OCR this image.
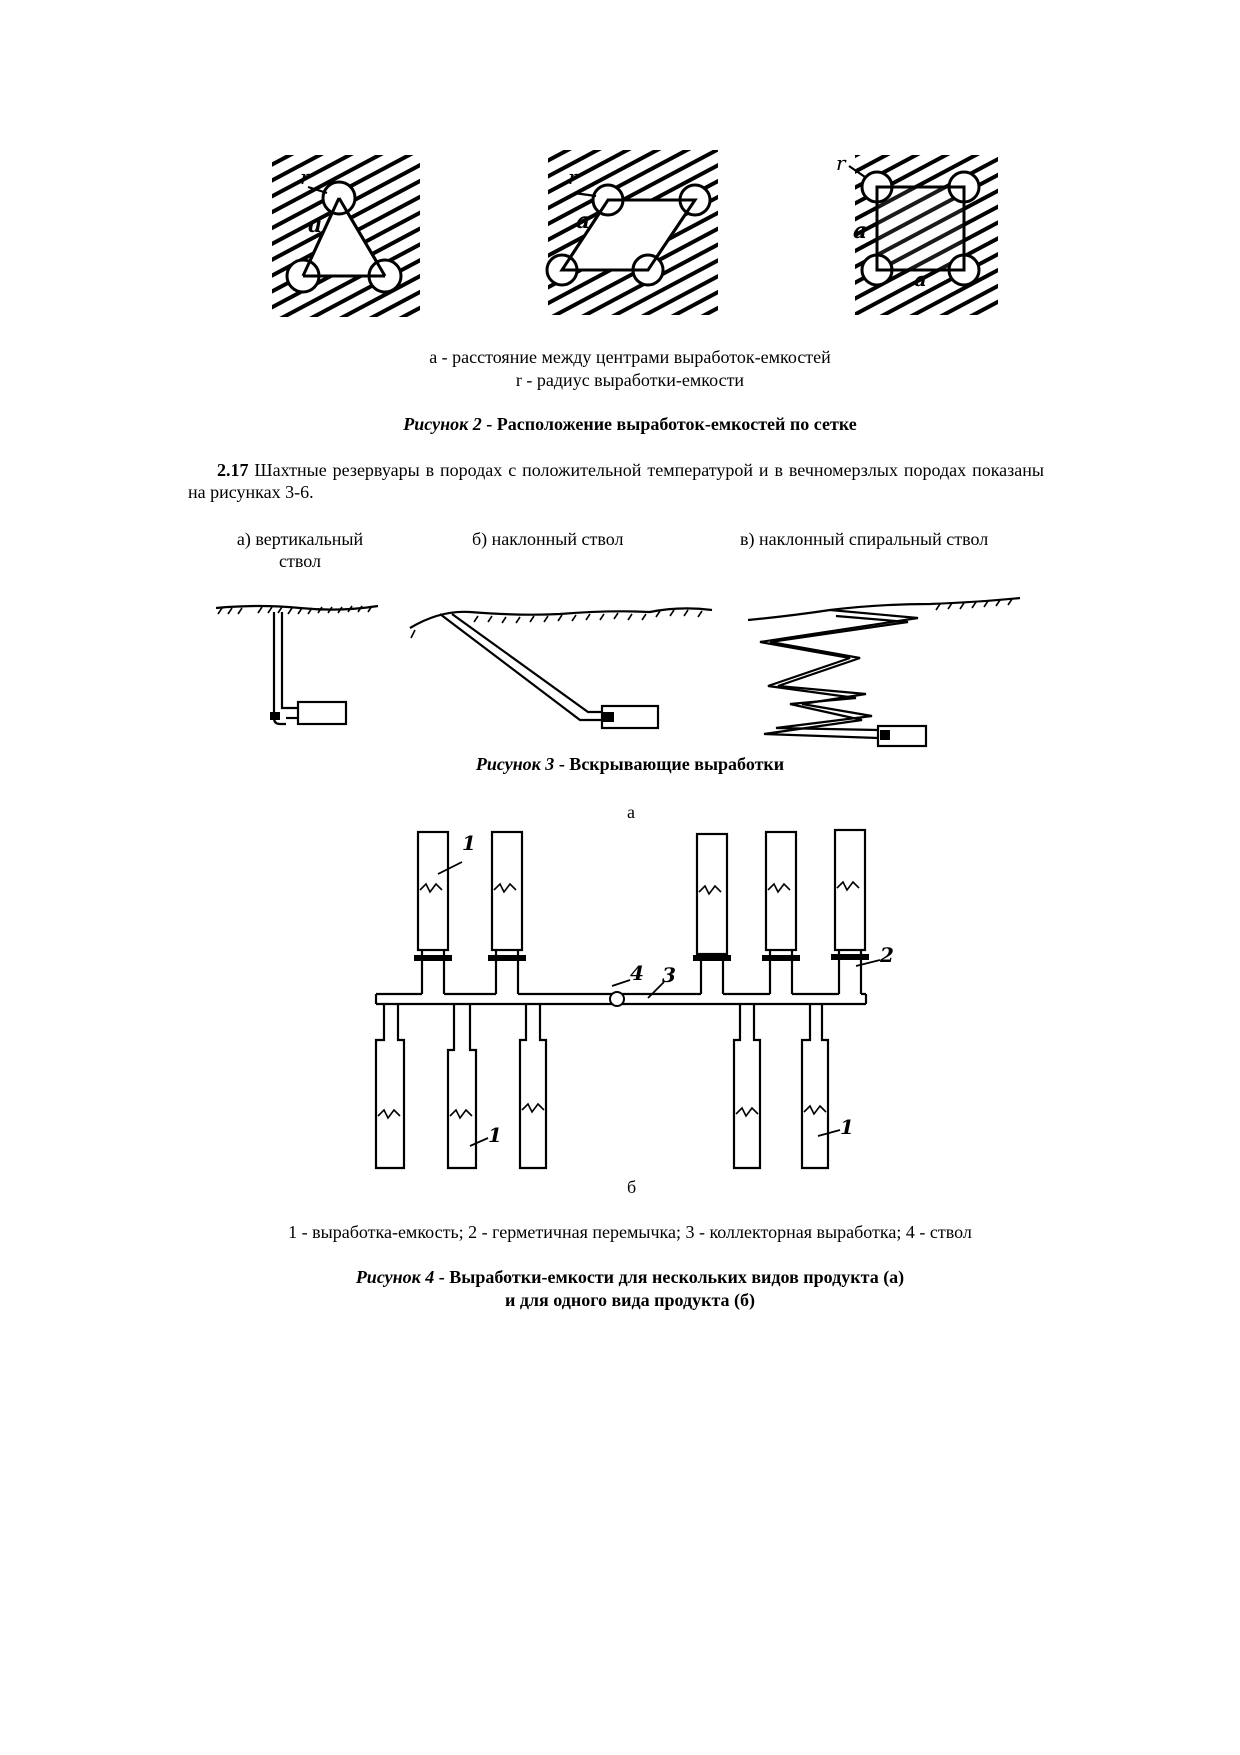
r
a
r
a
r
a
a
а - расстояние между центрами выработок-емкостей
r - радиус выработки-емкости
Рисунок 2 - Расположение выработок-емкостей по сетке
2.17 Шахтные резервуары в породах с положительной температурой и в вечномерзлых породах показаны на рисунках 3-6.
а) вертикальный
ствол
б) наклонный ствол	в) наклонный спиральный ствол
Рисунок 3 - Вскрывающие выработки
а
1
1
2
3
4
1
б
1 - выработка-емкость; 2 - герметичная перемычка; 3 - коллекторная выработка; 4 - ствол
Рисунок 4 - Выработки-емкости для нескольких видов продукта (а)
и для одного вида продукта (б)
